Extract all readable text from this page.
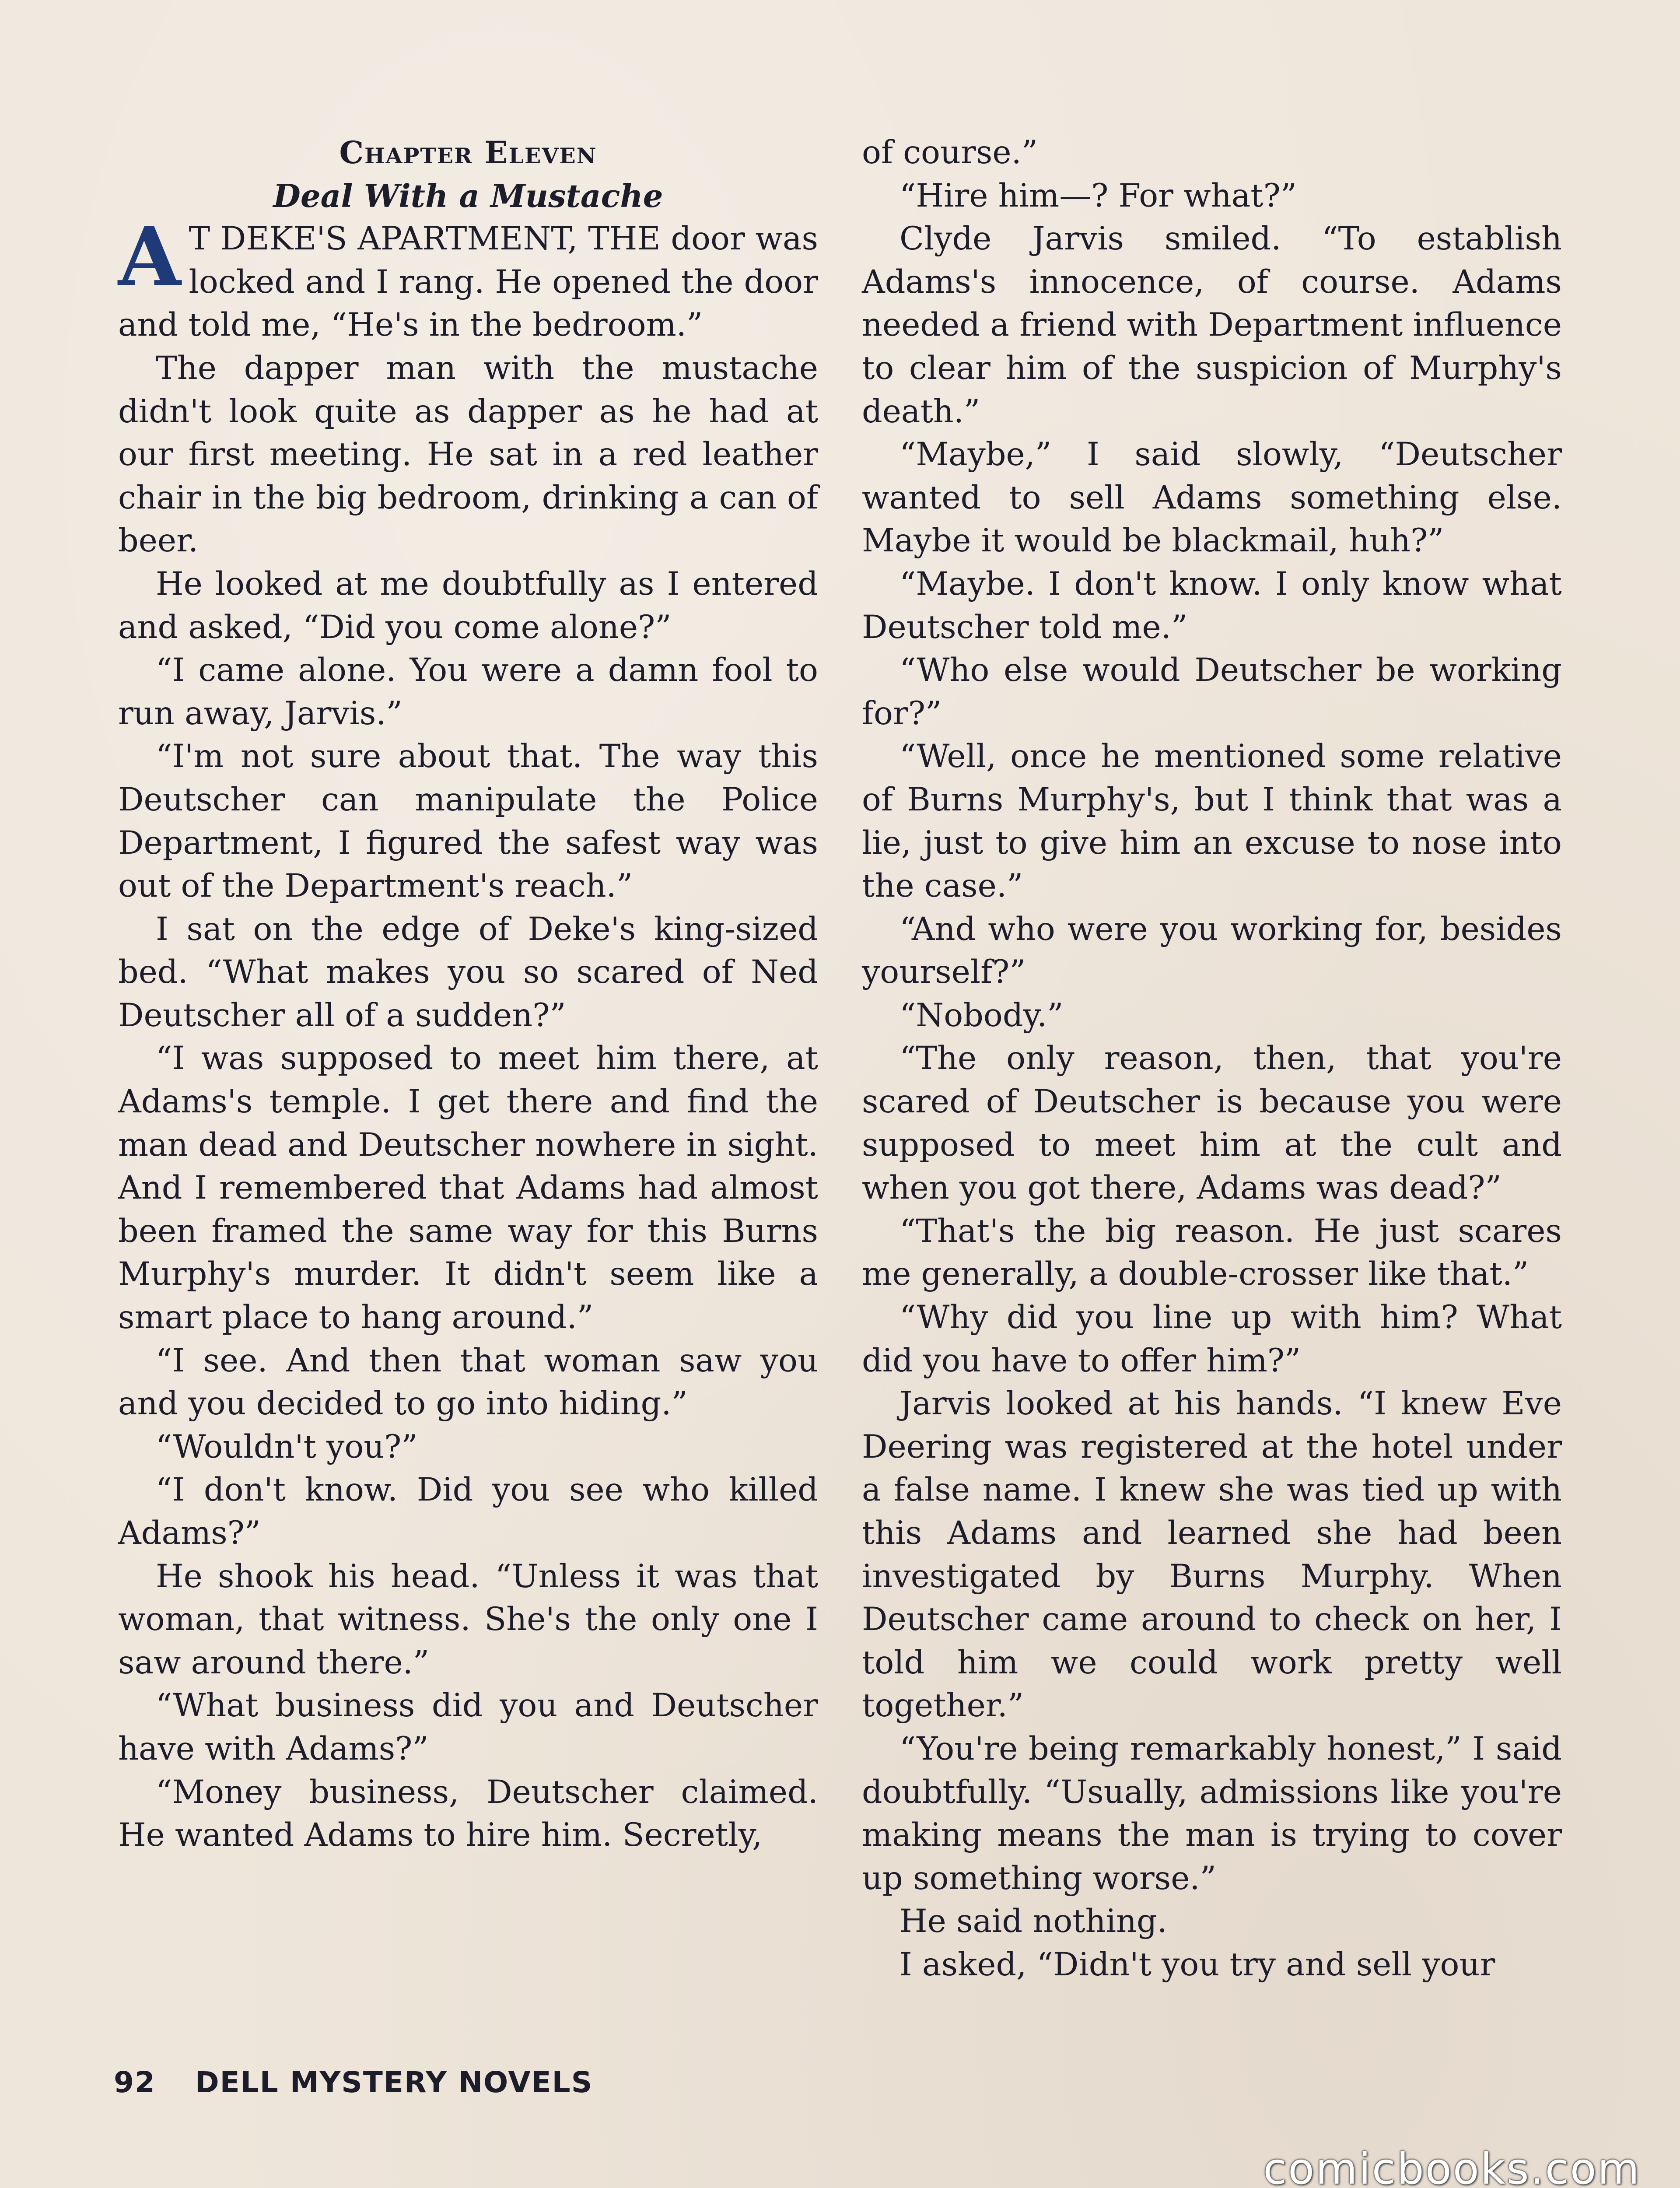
Chapter Eleven
Deal With a Mustache

A T DEKE'S APARTMENT, THE door was locked and I rang. He opened the door and told me, “He's in the bedroom.”

The dapper man with the mustache didn't look quite as dapper as he had at our first meeting. He sat in a red leather chair in the big bedroom, drinking a can of beer.

He looked at me doubtfully as I entered and asked, “Did you come alone?”

“I came alone. You were a damn fool to run away, Jarvis.”

“I'm not sure about that. The way this Deutscher can manipulate the Police Department, I figured the safest way was out of the Department's reach.”

I sat on the edge of Deke's king-sized bed. “What makes you so scared of Ned Deutscher all of a sudden?”

“I was supposed to meet him there, at Adams's temple. I get there and find the man dead and Deutscher nowhere in sight. And I remembered that Adams had almost been framed the same way for this Burns Murphy's murder. It didn't seem like a smart place to hang around.”

“I see. And then that woman saw you and you decided to go into hiding.”

“Wouldn't you?”

“I don't know. Did you see who killed Adams?”

He shook his head. “Unless it was that woman, that witness. She's the only one I saw around there.”

“What business did you and Deutscher have with Adams?”

“Money business, Deutscher claimed. He wanted Adams to hire him. Secretly,

of course.”

“Hire him—? For what?”

Clyde Jarvis smiled. “To establish Adams's innocence, of course. Adams needed a friend with Department influence to clear him of the suspicion of Murphy's death.”

“Maybe,” I said slowly, “Deutscher wanted to sell Adams something else. Maybe it would be blackmail, huh?”

“Maybe. I don't know. I only know what Deutscher told me.”

“Who else would Deutscher be working for?”

“Well, once he mentioned some relative of Burns Murphy's, but I think that was a lie, just to give him an excuse to nose into the case.”

“And who were you working for, besides yourself?”

“Nobody.”

“The only reason, then, that you're scared of Deutscher is because you were supposed to meet him at the cult and when you got there, Adams was dead?”

“That's the big reason. He just scares me generally, a double-crosser like that.”

“Why did you line up with him? What did you have to offer him?”

Jarvis looked at his hands. “I knew Eve Deering was registered at the hotel under a false name. I knew she was tied up with this Adams and learned she had been investigated by Burns Murphy. When Deutscher came around to check on her, I told him we could work pretty well together.”

“You're being remarkably honest,” I said doubtfully. “Usually, admissions like you're making means the man is trying to cover up something worse.”

He said nothing.

I asked, “Didn't you try and sell your

92 DELL MYSTERY NOVELS
comicbooks.com
